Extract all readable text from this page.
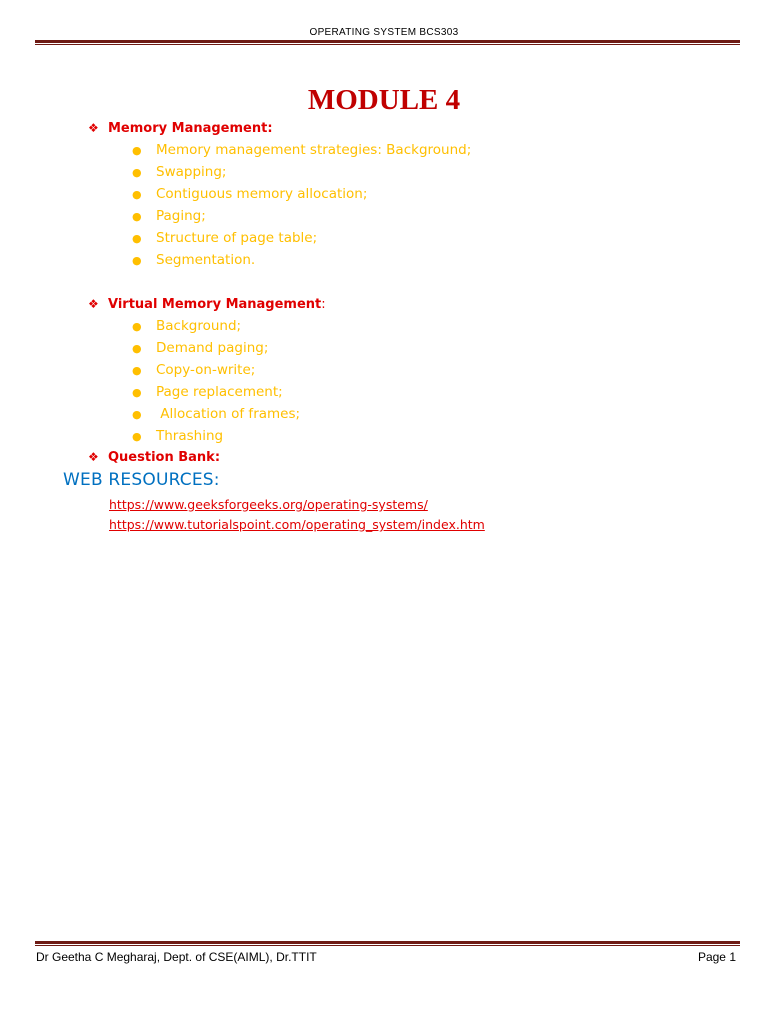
OPERATING SYSTEM BCS303
MODULE 4
❖ Memory Management:
● Memory management strategies: Background;
● Swapping;
● Contiguous memory allocation;
● Paging;
● Structure of page table;
● Segmentation.
❖ Virtual Memory Management:
● Background;
● Demand paging;
● Copy-on-write;
● Page replacement;
● Allocation of frames;
● Thrashing
❖ Question Bank:
WEB RESOURCES:
https://www.geeksforgeeks.org/operating-systems/
https://www.tutorialspoint.com/operating_system/index.htm
Dr Geetha C Megharaj, Dept. of CSE(AIML), Dr.TTIT	Page 1
